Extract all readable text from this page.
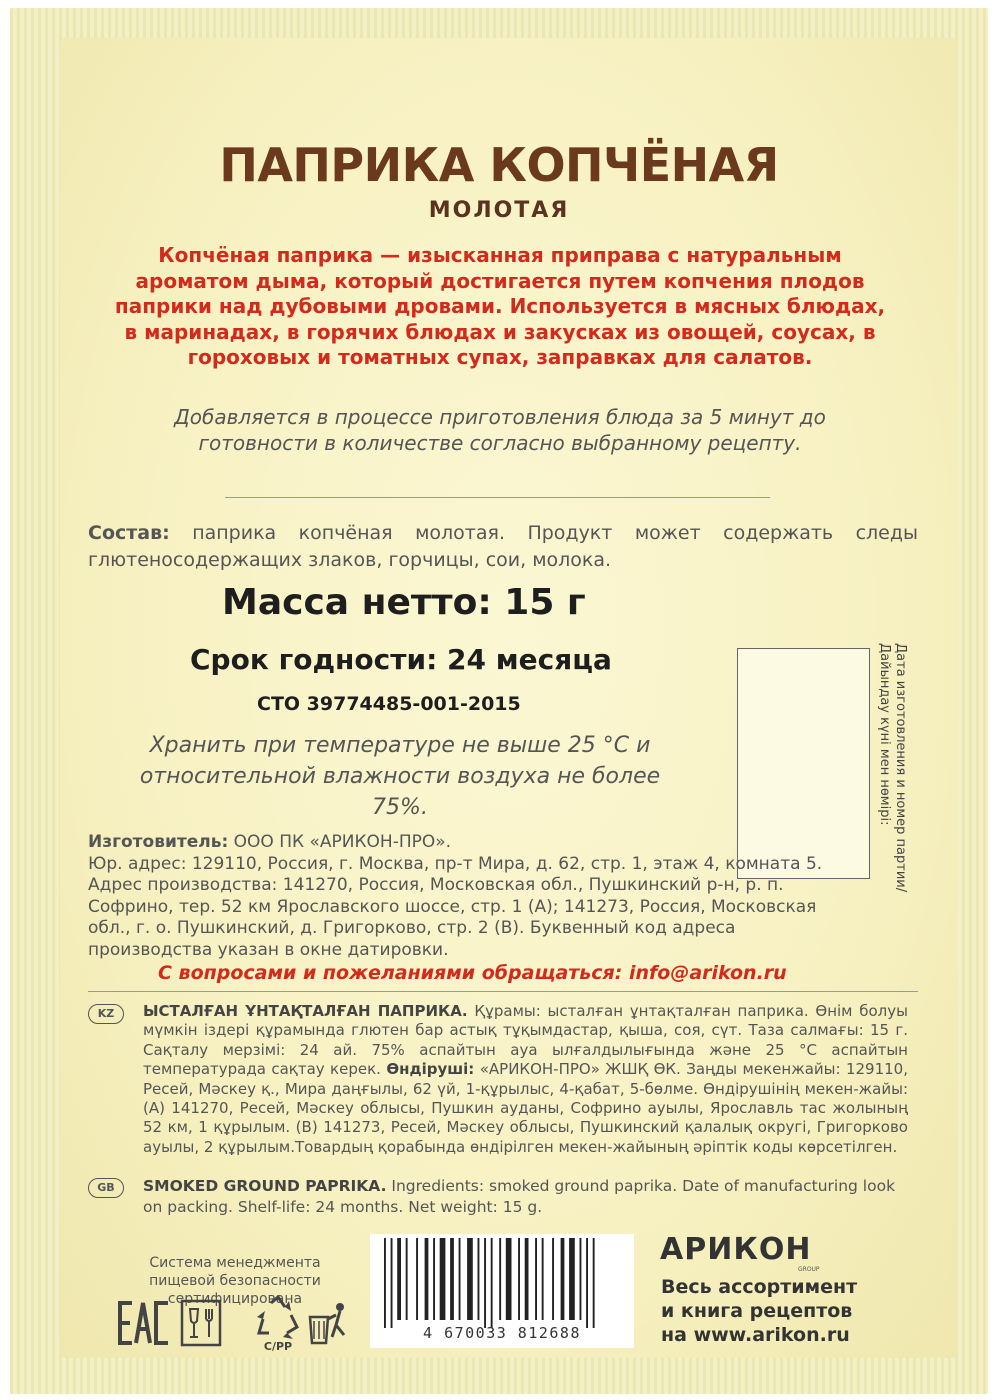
ПАПРИКА КОПЧЁНАЯ
МОЛОТАЯ
Копчёная паприка — изысканная приправа с натуральным ароматом дыма, который достигается путем копчения плодов паприки над дубовыми дровами. Используется в мясных блюдах, в маринадах, в горячих блюдах и закусках из овощей, соусах, в гороховых и томатных супах, заправках для салатов.
Добавляется в процессе приготовления блюда за 5 минут до готовности в количестве согласно выбранному рецепту.
Состав: паприка копчёная молотая. Продукт может содержать следы глютеносодержащих злаков, горчицы, сои, молока.
Масса нетто: 15 г
Срок годности: 24 месяца
СТО 39774485-001-2015
Хранить при температуре не выше 25 °С и относительной влажности воздуха не более 75%.	Дата изготовления и номер партии/ Дайындау күні мен нөмірі:
Изготовитель: ООО ПК «АРИКОН-ПРО».
Юр. адрес: 129110, Россия, г. Москва, пр-т Мира, д. 62, стр. 1, этаж 4, комната 5. Адрес производства: 141270, Россия, Московская обл., Пушкинский р-н, р. п. Софрино, тер. 52 км Ярославского шоссе, стр. 1 (А); 141273, Россия, Московская обл., г. о. Пушкинский, д. Григорково, стр. 2 (В). Буквенный код адреса производства указан в окне датировки.
С вопросами и пожеланиями обращаться: info@arikon.ru
KZ	ЫСТАЛҒАН ҰНТАҚТАЛҒАН ПАПРИКА. Құрамы: ысталған ұнтақталған паприка. Өнім болуы мүмкін іздері құрамында глютен бар астық тұқымдастар, қыша, соя, сүт. Таза салмағы: 15 г. Сақталу мерзімі: 24 ай. 75% аспайтын ауа ылғалдылығында және 25 °С аспайтын температурада сақтау керек. Өндіруші: «АРИКОН-ПРО» ЖШҚ ӨК. Заңды мекенжайы: 129110, Ресей, Мәскеу қ., Мира даңғылы, 62 үй, 1-құрылыс, 4-қабат, 5-бөлме. Өндірушінің мекен-жайы: (А) 141270, Ресей, Мәскеу облысы, Пушкин ауданы, Софрино ауылы, Ярославль тас жолының 52 км, 1 құрылым. (В) 141273, Ресей, Мәскеу облысы, Пушкинский қалалық округі, Григорково ауылы, 2 құрылым.Товардың қорабында өндірілген мекен-жайының әріптік коды көрсетілген.
GB	SMOKED GROUND PAPRIKA. Ingredients: smoked ground paprika. Date of manufacturing look on packing. Shelf-life: 24 months. Net weight: 15 g.
Система менеджмента пищевой безопасности сертифицирована
C/PP
4 670033 812688
АРИКОН
GROUP
Весь ассортимент и книга рецептов на www.arikon.ru
